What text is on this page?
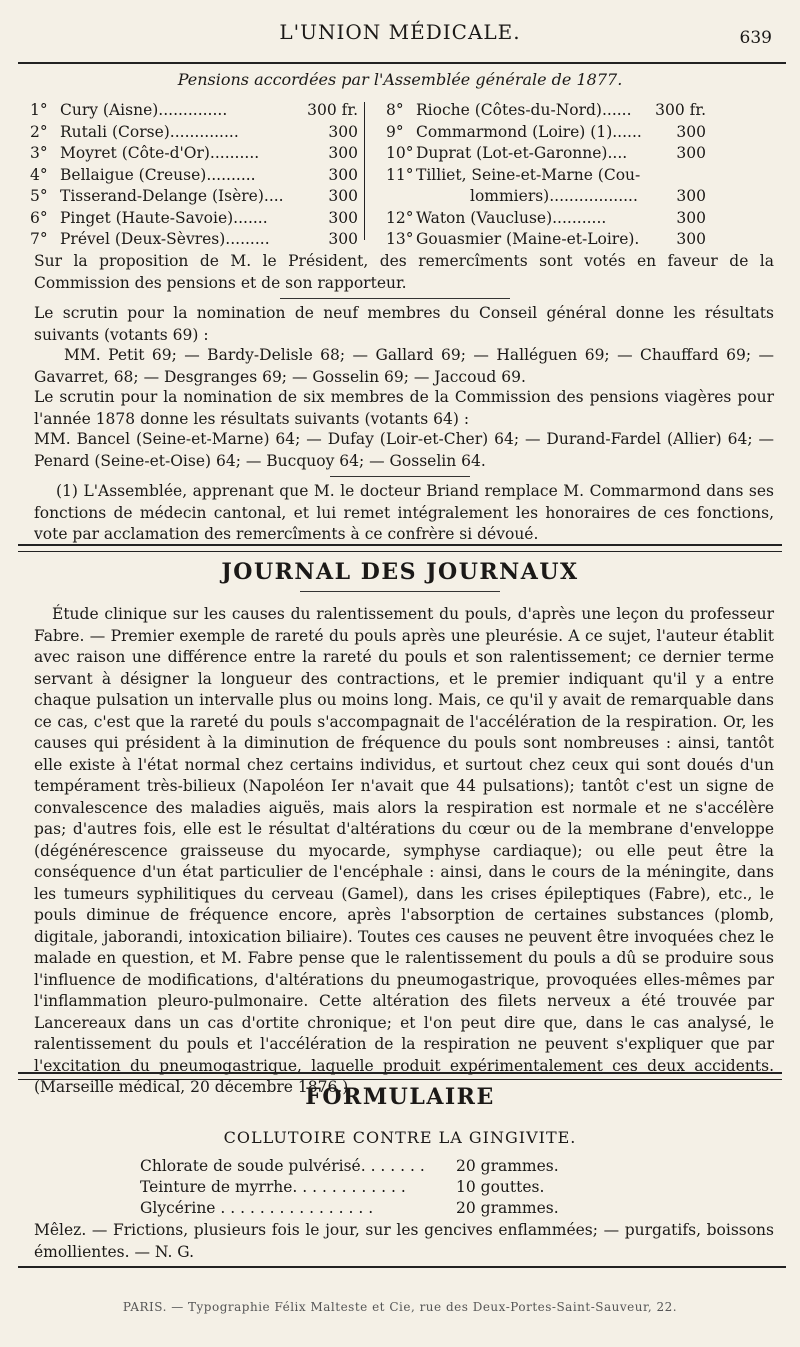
L'UNION MÉDICALE.	639
Pensions accordées par l'Assemblée générale de 1877.
1° Cury (Aisne)..............	300 fr.
2° Rutali (Corse)..............	300
3° Moyret (Côte-d'Or)..........	300
4° Bellaigue (Creuse)..........	300
5° Tisserand-Delange (Isère)....	300
6° Pinget (Haute-Savoie).......	300
7° Prével (Deux-Sèvres).........	300
8° Rioche (Côtes-du-Nord)...... 300 fr.
9° Commarmond (Loire) (1)...... 300
10° Duprat (Lot-et-Garonne)....	300
11° Tilliet, Seine-et-Marne (Cou-
lommiers).................. 300
12° Waton (Vaucluse)...........	300
13° Gouasmier (Maine-et-Loire). 300

Sur la proposition de M. le Président, des remercîments sont votés en faveur de la Commission des pensions et de son rapporteur.

Le scrutin pour la nomination de neuf membres du Conseil général donne les résultats suivants (votants 69) :

MM. Petit 69; — Bardy-Delisle 68; — Gallard 69; — Halléguen 69; — Chauffard 69; — Gavarret, 68; — Desgranges 69; — Gosselin 69; — Jaccoud 69.

Le scrutin pour la nomination de six membres de la Commission des pensions viagères pour l'année 1878 donne les résultats suivants (votants 64) :

MM. Bancel (Seine-et-Marne) 64; — Dufay (Loir-et-Cher) 64; — Durand-Fardel (Allier) 64; — Penard (Seine-et-Oise) 64; — Bucquoy 64; — Gosselin 64.

(1) L'Assemblée, apprenant que M. le docteur Briand remplace M. Commarmond dans ses fonctions de médecin cantonal, et lui remet intégralement les honoraires de ces fonctions, vote par acclamation des remercîments à ce confrère si dévoué.

JOURNAL DES JOURNAUX

Étude clinique sur les causes du ralentissement du pouls, d'après une leçon du professeur Fabre. — Premier exemple de rareté du pouls après une pleurésie. A ce sujet, l'auteur établit avec raison une différence entre la rareté du pouls et son ralentissement; ce dernier terme servant à désigner la longueur des contractions, et le premier indiquant qu'il y a entre chaque pulsation un intervalle plus ou moins long. Mais, ce qu'il y avait de remarquable dans ce cas, c'est que la rareté du pouls s'accompagnait de l'accélération de la respiration. Or, les causes qui président à la diminution de fréquence du pouls sont nombreuses : ainsi, tantôt elle existe à l'état normal chez certains individus, et surtout chez ceux qui sont doués d'un tempérament très-bilieux (Napoléon Ier n'avait que 44 pulsations); tantôt c'est un signe de convalescence des maladies aiguës, mais alors la respiration est normale et ne s'accélère pas; d'autres fois, elle est le résultat d'altérations du cœur ou de la membrane d'enveloppe (dégénérescence graisseuse du myocarde, symphyse cardiaque); ou elle peut être la conséquence d'un état particulier de l'encéphale : ainsi, dans le cours de la méningite, dans les tumeurs syphilitiques du cerveau (Gamel), dans les crises épileptiques (Fabre), etc., le pouls diminue de fréquence encore, après l'absorption de certaines substances (plomb, digitale, jaborandi, intoxication biliaire). Toutes ces causes ne peuvent être invoquées chez le malade en question, et M. Fabre pense que le ralentissement du pouls a dû se produire sous l'influence de modifications, d'altérations du pneumogastrique, provoquées elles-mêmes par l'inflammation pleuro-pulmonaire. Cette altération des filets nerveux a été trouvée par Lancereaux dans un cas d'ortite chronique; et l'on peut dire que, dans le cas analysé, le ralentissement du pouls et l'accélération de la respiration ne peuvent s'expliquer que par l'excitation du pneumogastrique, laquelle produit expérimentalement ces deux accidents. (Marseille médical, 20 décembre 1876.)

FORMULAIRE
COLLUTOIRE CONTRE LA GINGIVITE.
Chlorate de soude pulvérisé. . . . . . . 20 grammes.
Teinture de myrrhe. . . . . . . . . . . .	10 gouttes.
Glycérine . . . . . . . . . . . . . . . .	20 grammes.

Mêlez. — Frictions, plusieurs fois le jour, sur les gencives enflammées; — purgatifs, boissons émollientes. — N. G.

PARIS. — Typographie Félix Malteste et Cie, rue des Deux-Portes-Saint-Sauveur, 22.
